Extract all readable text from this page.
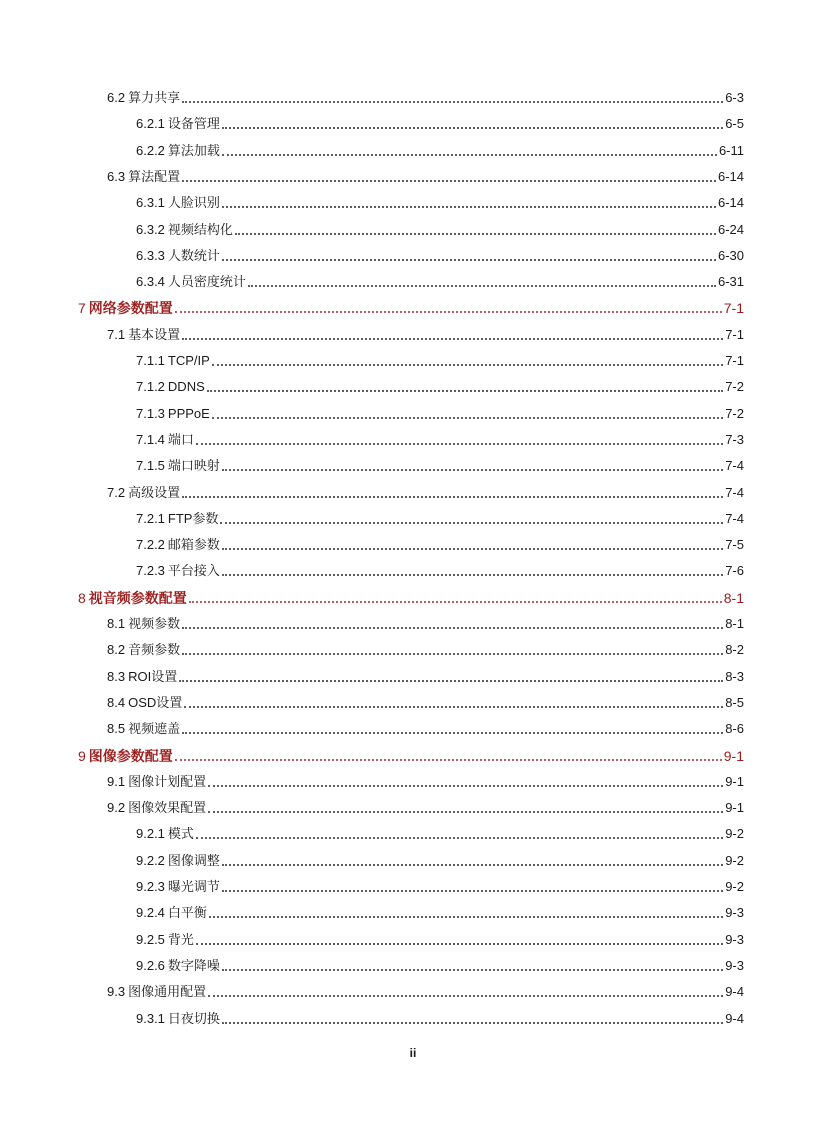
6.2 算力共享	6-3
6.2.1 设备管理	6-5
6.2.2 算法加载	6-11
6.3 算法配置	6-14
6.3.1 人脸识别	6-14
6.3.2 视频结构化	6-24
6.3.3 人数统计	6-30
6.3.4 人员密度统计	6-31
7 网络参数配置	7-1
7.1 基本设置	7-1
7.1.1 TCP/IP	7-1
7.1.2 DDNS	7-2
7.1.3 PPPoE	7-2
7.1.4 端口	7-3
7.1.5 端口映射	7-4
7.2 高级设置	7-4
7.2.1 FTP参数	7-4
7.2.2 邮箱参数	7-5
7.2.3 平台接入	7-6
8 视音频参数配置	8-1
8.1 视频参数	8-1
8.2 音频参数	8-2
8.3 ROI设置	8-3
8.4 OSD设置	8-5
8.5 视频遮盖	8-6
9 图像参数配置	9-1
9.1 图像计划配置	9-1
9.2 图像效果配置	9-1
9.2.1 模式	9-2
9.2.2 图像调整	9-2
9.2.3 曝光调节	9-2
9.2.4 白平衡	9-3
9.2.5 背光	9-3
9.2.6 数字降噪	9-3
9.3 图像通用配置	9-4
9.3.1 日夜切换	9-4
ii
